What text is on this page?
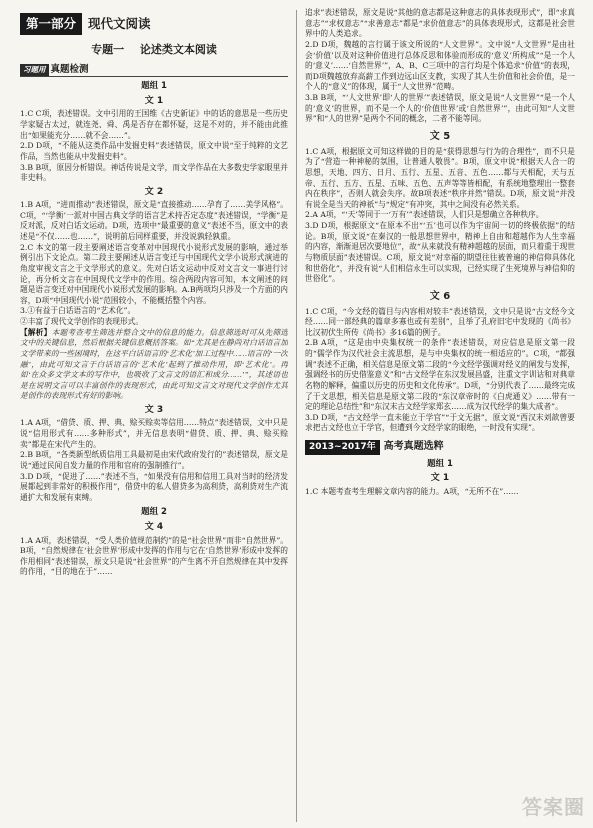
第一部分 现代文阅读
专题一 论述类文本阅读
习题用 真题检测
题组 1
文 1

1.C C项，表述错误。文中引用的王国维《古史新证》中的话的意思是一些历史学家疑古太过，就连尧、舜、禹是否存在都怀疑，这是不对的，并不能由此推出“如果能充分……就不会……”。

2.D D项，“不能从这类作品中发掘史料”表述错误，原文中说“至于纯粹的文艺作品，当然也能从中发掘史料”。

3.B B项，原因分析错误。神话传说是文学，而文学作品在大多数史学家眼里并非史料。

文 2

1.B A项，“进而推动”表述错误，原文是“直接推动……孕育了……美学风格”。C项，“‘学衡’一派对中国古典文学的语言艺术持否定态度”表述错误，“学衡”是反对派，反对白话文运动。D项，选项中“最重要的意义”表述不当，原文中的表述是“不仅……也……”，说明前后同样重要，并没说孰轻孰重。

2.C 本文的第一段主要阐述语言变革对中国现代小说形式发展的影响，通过举例引出下文论点。第二段主要阐述从语言变迁与中国现代文学小说形式演进的角度审视文言之于文学形式的意义。先对白话文运动中反对文言文一事进行讨论，再分析文言在中国现代文学中的作用。综合两段内容可知，本文阐述的问题是语言变迁对中国现代小说形式发展的影响。A.B两项均只涉及一个方面的内容，D项“中国现代小说”范围较小，不能概括整个内容。

3.①有益于白话语言的“艺术化”。

②丰富了现代文学创作的表现形式。

【解析】本题考查考生筛选并整合文中的信息的能力。信息筛选时可从先筛选文中的关键信息，然后根据关键信息概括答案。如“尤其是在静尚对白话语言加文学带来的一些困境时，在这平白话语言的‘艺术化’加工过程中……语言的‘一次融’，由此可知文言于白话语言的‘艺术化’起到了推动作用，即‘艺术化’。再如‘在众多文学文本的写作中，也吸收了文言文的语汇和成分……’”，其述语也是在说明文言可以丰富创作的表现形式，由此可知文言文对现代文学创作尤其是创作的表现形式有好的影响。

文 3

1.A A项，“借贷、质、押、典、赊买赊卖等信用……特点”表述错误，文中只是说“信用形式有……多种形式”，并无信息表明“借贷、质、押、典、赊买赊卖”都是在宋代产生的。

2.B B项，“各类新型纸质信用工具最初是由宋代政府发行的”表述错误，原文是说“通过民间自发力量的作用和官府的强制推行”。

3.D D项，“促进了……”表述不当，“如果没有信用和信用工具对当时的经济发展都起到非常好的积极作用”，借贷中的私人借贷多为高利贷，高利贷对生产流通扩大和发展有束缚。

题组 2
文 4

1.A A项，表述错误，“受人类价值规范制约”的是“社会世界”而非“自然世界”。B项，“自然规律在‘社会世界’形成中发挥的作用与它在‘自然世界’形成中发挥的作用相同”表述错误，原文只是说“社会世界”的产生离不开自然规律在其中发挥的作用，“目的地在于”……

追求”表述错误，原文是说“其他的意志都是这种意志的具体表现形式”，即“求真意志”“求权意志”“求善意志”都是“求价值意志”的具体表现形式，这都是社会世界中的人类追求。

2.D D项，魏越的言行属于该文所说的“人文世界”。文中说“人文世界”是由社会‘价值’以及对这种价值进行总体反思和体验而形成的‘意义’所构成”“是一个人的‘意义’……‘自然世界’”，A、B、C三项中的言行均是个体追求“价值”的表现，而D项魏越放弃高薪工作到边远山区支教，实现了其人生价值和社会价值，是一个人的“意义”的体现，属于“人文世界”范畴。

3.B B项，“‘人文世界’即‘人的世界’”表述错误，原文是说“人文世界”“是一个人的‘意义’的世界，而不是一个人的‘价值世界’或‘自然世界’”，由此可知“人文世界”和“人的世界”是两个不同的概念，二者不能等同。

文 5

1.C A项，根据原文可知这样做的目的是“获得思想与行为的合理性”，而不只是为了“营造一种神秘的氛围，让普通人敬畏”。B项，原文中说“根据天人合一的思想，天地、四方、日月、五行、五星、五音、五色……都与天相配，天与五帝、五行、五方、五星、五味、五色、五声等等皆相配，有系统地整理出一整套内在秩序”，否则人就会失序。故B项表述“秩序并然”错误。D项，原文说“并没有说全是当天的神祇”与“规定”有冲突，其中之间没有必然关系。

2.A A项，“‘天’等同于一‘万有’”表述错误，人们只是想确立各种秩序。

3.D D项，根据原文“在原本不出“‘五’也可以作为宇宙间一切的终极依据”的结论。B项，原文说“在秦汉的一般思想世界中，精神上自由和超越作为人生幸福的内容，渐渐退居次要地位”，故“从来就没有精神超越的层面，而只着重于现世与物质层面”表述错误。C项，原文说“对幸福的期望往往被普遍的神信仰具体化和世俗化”，并没有说“人们相信永生可以实现，已经实现了生死境界与神信仰的世俗化”。

文 6

1.C C项，“今文经的篇目与内容相对较丰”表述错误，文中只是说“古文经今文经……同一部经典的篇章多寡也或有差别”，且举了孔府旧宅中发现的《尚书》比汉初伏生所传《尚书》多16篇的例子。

2.B A项，“这是由中央集权统一的条件”表述错误，对应信息是原文第一段的“儒学作为汉代社会主流思想，是与中央集权的统一相适应的”。C项，“都强调”表述不正确，相关信息是原文第二段的“今文经学强调对经义的阐发与发挥，强调经书的历史借鉴意义”和“古文经学在东汉发展昌盛，注重文字训诂和对典章名物的解释，偏重以历史的历史和文化传承”。D项，“分别代表了……最终完成了于文思想，相关信息是原文第二段的“东汉章帝时的《白虎通义》……带有一定的理论总结性”和“东汉末古文经学家郑玄……成为汉代经学的集大成者”。

3.D D项，“古文经学一直未能立于学官”“于文无据”，原文说“西汉末刘歆曾要求把古文经也立于学官，但遭到今文经学家的眼绝，一时没有实现”。

2013~2017年 高考真题选粹
题组 1
文 1

1.C 本题考查考生理解文章内容的能力。A项，“无所不在”……

答案圈
